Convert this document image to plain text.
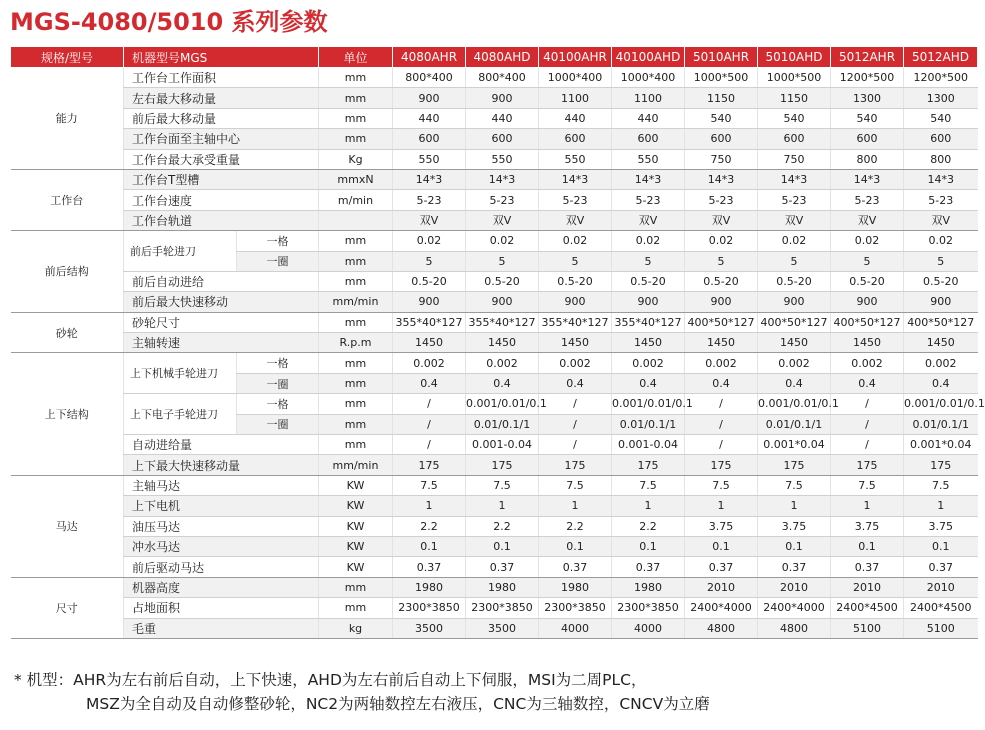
MGS-4080/5010 系列参数
规格/型号	机器型号MGS		单位	4080AHR	4080AHD	40100AHR	40100AHD	5010AHR	5010AHD	5012AHR	5012AHD
能力	工作台工作面积		mm	800*400	800*400	1000*400	1000*400	1000*500	1000*500	1200*500	1200*500
	左右最大移动量		mm	900	900	1100	1100	1150	1150	1300	1300
	前后最大移动量		mm	440	440	440	440	540	540	540	540
	工作台面至主轴中心		mm	600	600	600	600	600	600	600	600
	工作台最大承受重量		Kg	550	550	550	550	750	750	800	800
工作台	工作台T型槽		mmxN	14*3	14*3	14*3	14*3	14*3	14*3	14*3	14*3
	工作台速度		m/min	5-23	5-23	5-23	5-23	5-23	5-23	5-23	5-23
	工作台轨道			双V	双V	双V	双V	双V	双V	双V	双V
前后结构	前后手轮进刀	一格	mm	0.02	0.02	0.02	0.02	0.02	0.02	0.02	0.02
		一圈	mm	5	5	5	5	5	5	5	5
	前后自动进给		mm	0.5-20	0.5-20	0.5-20	0.5-20	0.5-20	0.5-20	0.5-20	0.5-20
	前后最大快速移动		mm/min	900	900	900	900	900	900	900	900
砂轮	砂轮尺寸		mm	355*40*127	355*40*127	355*40*127	355*40*127	400*50*127	400*50*127	400*50*127	400*50*127
	主轴转速		R.p.m	1450	1450	1450	1450	1450	1450	1450	1450
上下结构	上下机械手轮进刀	一格	mm	0.002	0.002	0.002	0.002	0.002	0.002	0.002	0.002
		一圈	mm	0.4	0.4	0.4	0.4	0.4	0.4	0.4	0.4
	上下电子手轮进刀	一格	mm	/	0.001/0.01/0.1	/	0.001/0.01/0.1	/	0.001/0.01/0.1	/	0.001/0.01/0.1
		一圈	mm	/	0.01/0.1/1	/	0.01/0.1/1	/	0.01/0.1/1	/	0.01/0.1/1
	自动进给量		mm	/	0.001-0.04	/	0.001-0.04	/	0.001*0.04	/	0.001*0.04
	上下最大快速移动量		mm/min	175	175	175	175	175	175	175	175
马达	主轴马达		KW	7.5	7.5	7.5	7.5	7.5	7.5	7.5	7.5
	上下电机		KW	1	1	1	1	1	1	1	1
	油压马达		KW	2.2	2.2	2.2	2.2	3.75	3.75	3.75	3.75
	冲水马达		KW	0.1	0.1	0.1	0.1	0.1	0.1	0.1	0.1
	前后驱动马达		KW	0.37	0.37	0.37	0.37	0.37	0.37	0.37	0.37
尺寸	机器高度		mm	1980	1980	1980	1980	2010	2010	2010	2010
	占地面积		mm	2300*3850	2300*3850	2300*3850	2300*3850	2400*4000	2400*4000	2400*4500	2400*4500
	毛重		kg	3500	3500	4000	4000	4800	4800	5100	5100
* 机型：AHR为左右前后自动，上下快速，AHD为左右前后自动上下伺服，MSI为二周PLC，
MSZ为全自动及自动修整砂轮，NC2为两轴数控左右液压，CNC为三轴数控，CNCV为立磨
